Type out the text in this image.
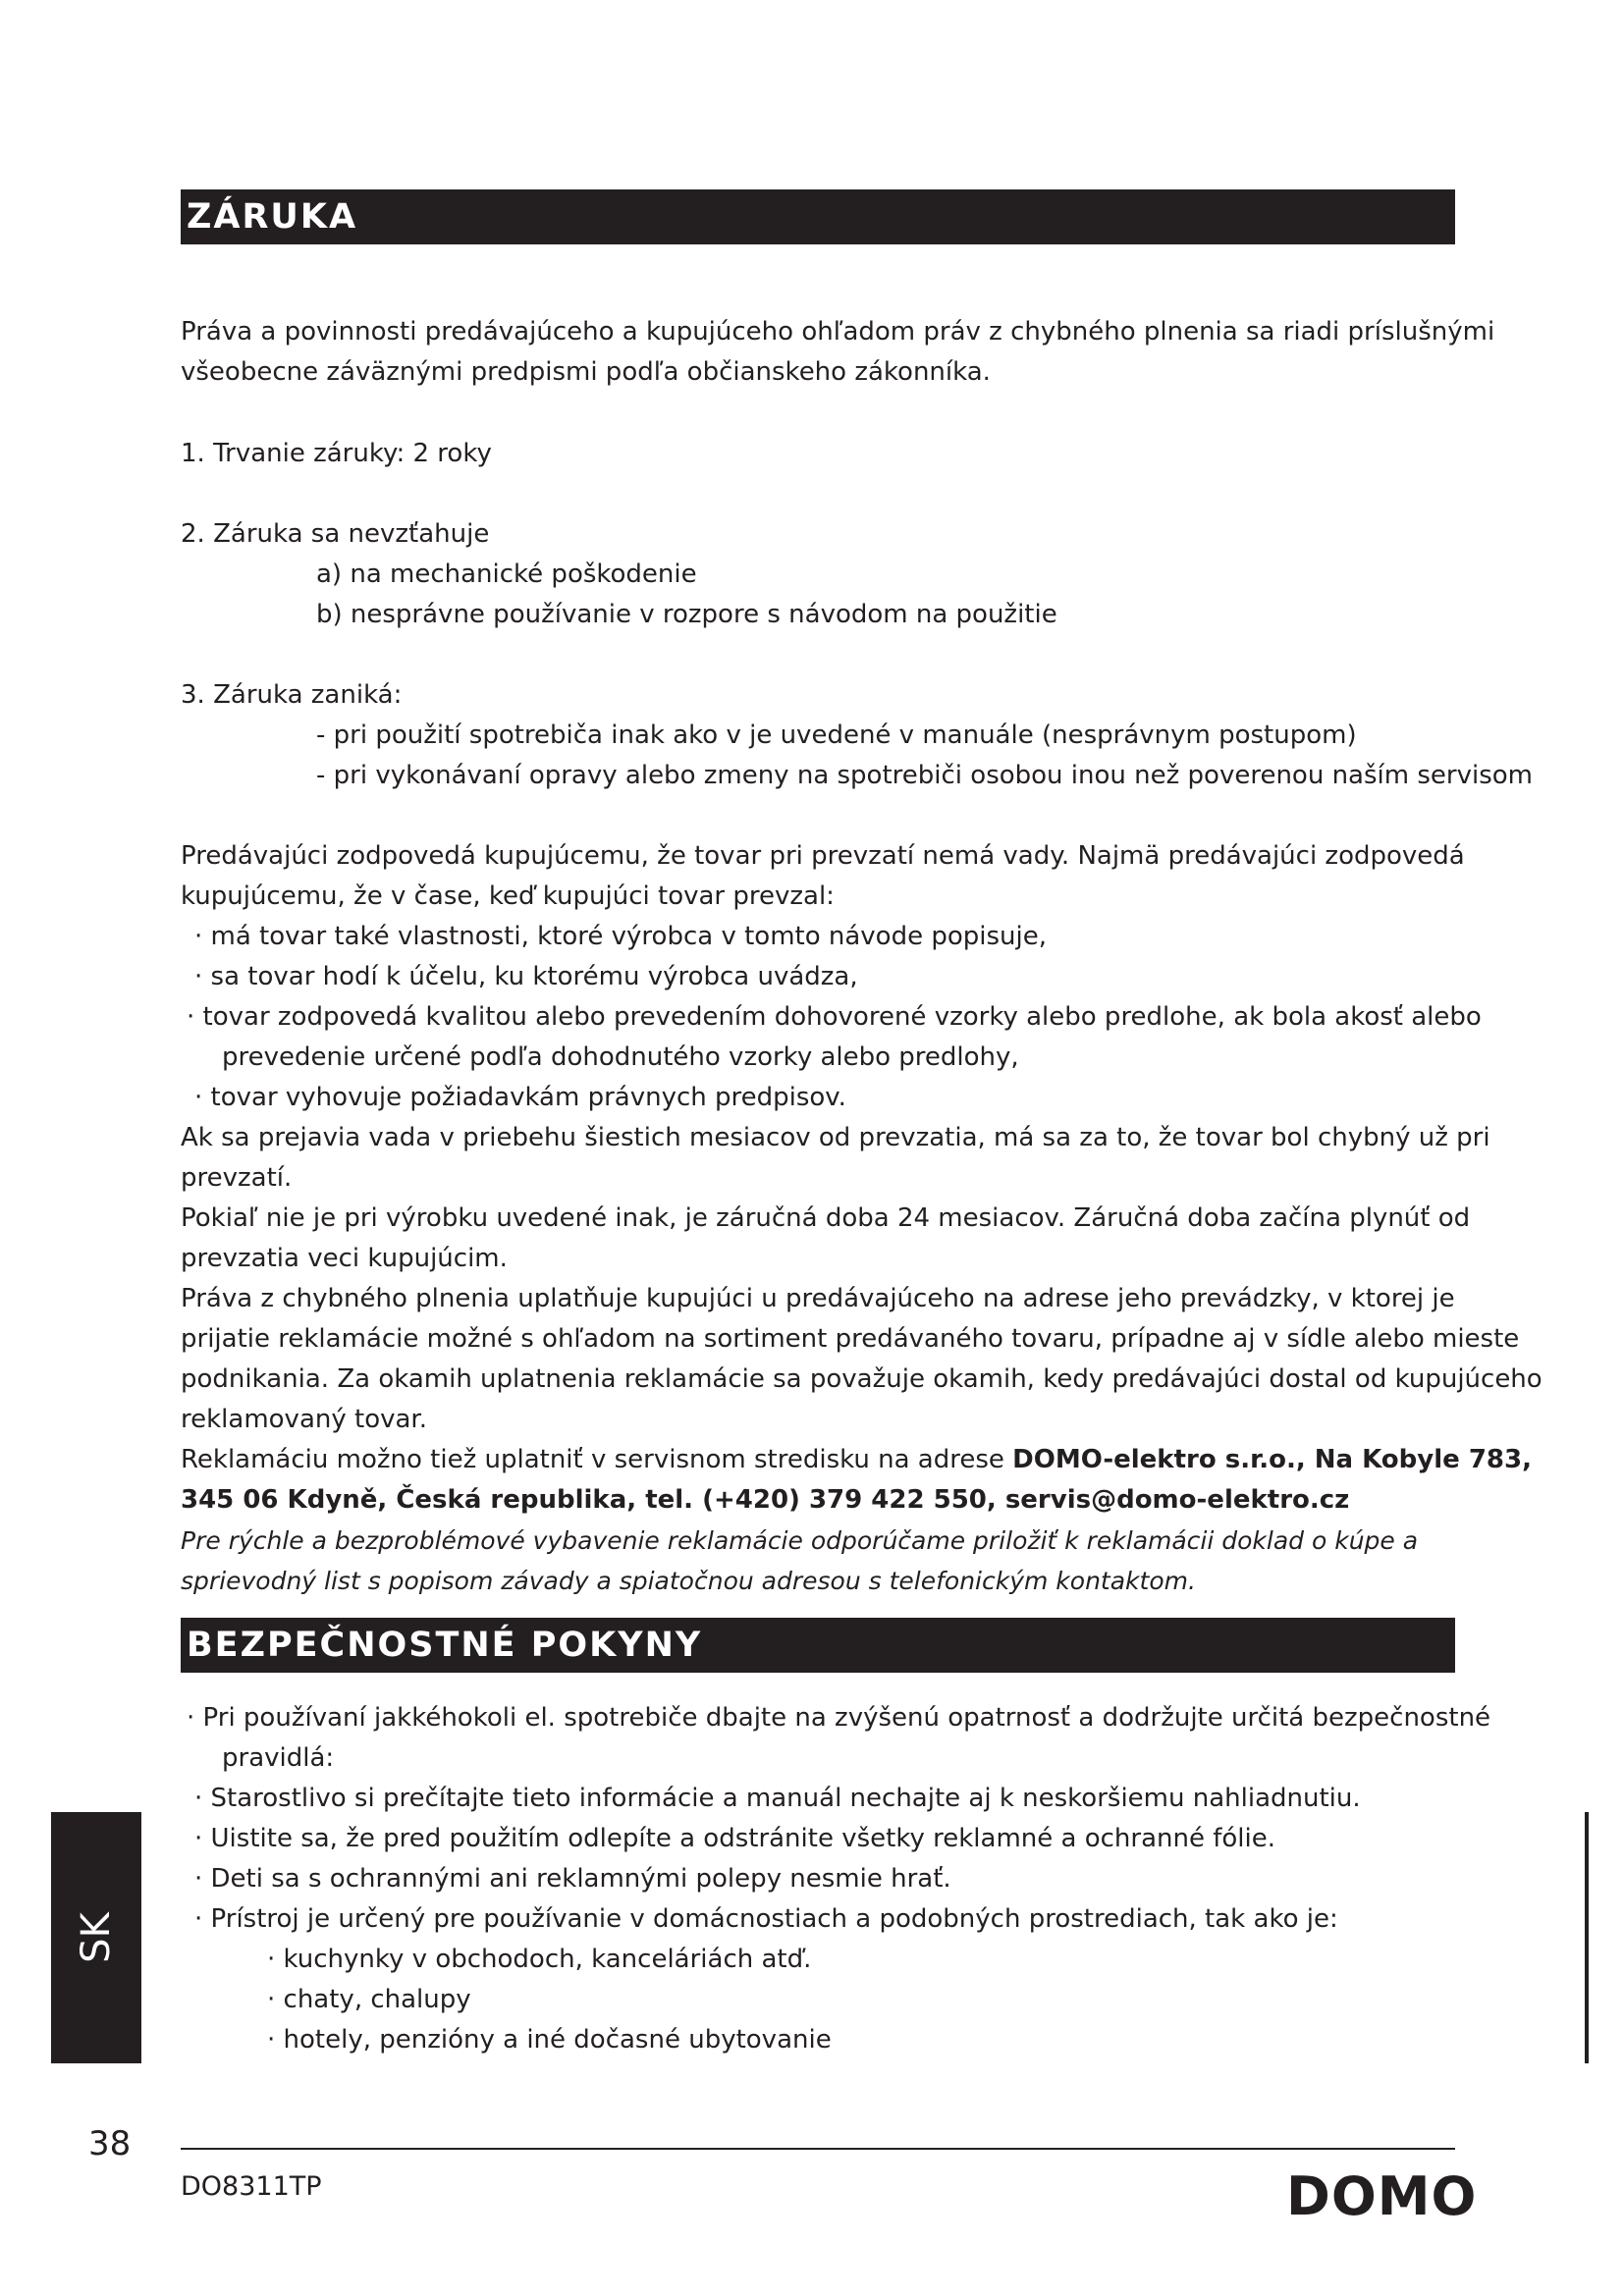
ZÁRUKA
Práva a povinnosti predávajúceho a kupujúceho ohľadom práv z chybného plnenia sa riadi príslušnými
všeobecne záväznými predpismi podľa občianskeho zákonníka.
1. Trvanie záruky: 2 roky
2. Záruka sa nevzťahuje
a) na mechanické poškodenie
b) nesprávne používanie v rozpore s návodom na použitie
3. Záruka zaniká:
- pri použití spotrebiča inak ako v je uvedené v manuále (nesprávnym postupom)
- pri vykonávaní opravy alebo zmeny na spotrebiči osobou inou než poverenou naším servisom
Predávajúci zodpovedá kupujúcemu, že tovar pri prevzatí nemá vady. Najmä predávajúci zodpovedá
kupujúcemu, že v čase, keď kupujúci tovar prevzal:
· má tovar také vlastnosti, ktoré výrobca v tomto návode popisuje,
· sa tovar hodí k účelu, ku ktorému výrobca uvádza,
· tovar zodpovedá kvalitou alebo prevedením dohovorené vzorky alebo predlohe, ak bola akosť alebo
prevedenie určené podľa dohodnutého vzorky alebo predlohy,
· tovar vyhovuje požiadavkám právnych predpisov.
Ak sa prejavia vada v priebehu šiestich mesiacov od prevzatia, má sa za to, že tovar bol chybný už pri
prevzatí.
Pokiaľ nie je pri výrobku uvedené inak, je záručná doba 24 mesiacov. Záručná doba začína plynúť od
prevzatia veci kupujúcim.
Práva z chybného plnenia uplatňuje kupujúci u predávajúceho na adrese jeho prevádzky, v ktorej je
prijatie reklamácie možné s ohľadom na sortiment predávaného tovaru, prípadne aj v sídle alebo mieste
podnikania. Za okamih uplatnenia reklamácie sa považuje okamih, kedy predávajúci dostal od kupujúceho
reklamovaný tovar.
Reklamáciu možno tiež uplatniť v servisnom stredisku na adrese DOMO-elektro s.r.o., Na Kobyle 783,
345 06 Kdyně, Česká republika, tel. (+420) 379 422 550, servis@domo-elektro.cz
Pre rýchle a bezproblémové vybavenie reklamácie odporúčame priložiť k reklamácii doklad o kúpe a
sprievodný list s popisom závady a spiatočnou adresou s telefonickým kontaktom.
BEZPEČNOSTNÉ POKYNY
· Pri používaní jakkéhokoli el. spotrebiče dbajte na zvýšenú opatrnosť a dodržujte určitá bezpečnostné
pravidlá:
· Starostlivo si prečítajte tieto informácie a manuál nechajte aj k neskoršiemu nahliadnutiu.
· Uistite sa, že pred použitím odlepíte a odstránite všetky reklamné a ochranné fólie.
· Deti sa s ochrannými ani reklamnými polepy nesmie hrať.
· Prístroj je určený pre používanie v domácnostiach a podobných prostrediach, tak ako je:
· kuchynky v obchodoch, kanceláriách atď.
· chaty, chalupy
· hotely, penzióny a iné dočasné ubytovanie
SK
38
DO8311TP	DOMO
